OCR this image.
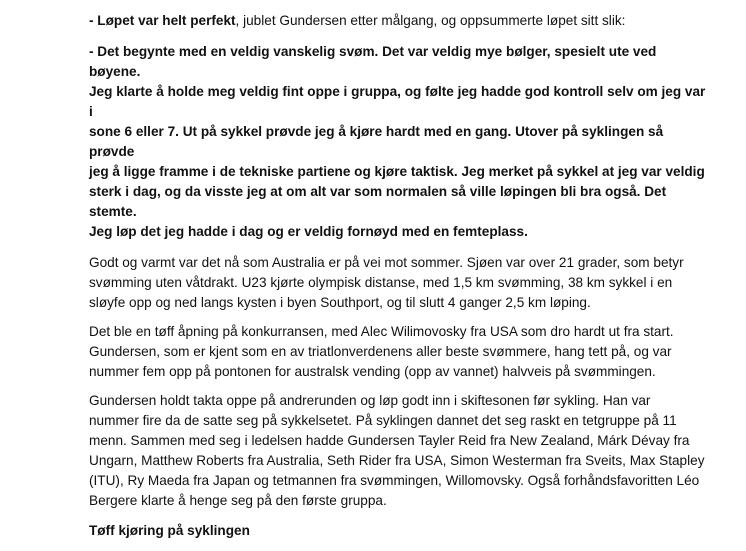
- Løpet var helt perfekt, jublet Gundersen etter målgang, og oppsummerte løpet sitt slik:

- Det begynte med en veldig vanskelig svøm. Det var veldig mye bølger, spesielt ute ved bøyene.
Jeg klarte å holde meg veldig fint oppe i gruppa, og følte jeg hadde god kontroll selv om jeg var i
sone 6 eller 7. Ut på sykkel prøvde jeg å kjøre hardt med en gang. Utover på syklingen så prøvde
jeg å ligge framme i de tekniske partiene og kjøre taktisk. Jeg merket på sykkel at jeg var veldig
sterk i dag, og da visste jeg at om alt var som normalen så ville løpingen bli bra også. Det stemte.
Jeg løp det jeg hadde i dag og er veldig fornøyd med en femteplass.

Godt og varmt var det nå som Australia er på vei mot sommer. Sjøen var over 21 grader, som betyr
svømming uten våtdrakt. U23 kjørte olympisk distanse, med 1,5 km svømming, 38 km sykkel i en
sløyfe opp og ned langs kysten i byen Southport, og til slutt 4 ganger 2,5 km løping.

Det ble en tøff åpning på konkurransen, med Alec Wilimovosky fra USA som dro hardt ut fra start.
Gundersen, som er kjent som en av triatlonverdenens aller beste svømmere, hang tett på, og var
nummer fem opp på pontonen for australsk vending (opp av vannet) halvveis på svømmingen.

Gundersen holdt takta oppe på andrerunden og løp godt inn i skiftesonen før sykling. Han var
nummer fire da de satte seg på sykkelsetet. På syklingen dannet det seg raskt en tetgruppe på 11
menn. Sammen med seg i ledelsen hadde Gundersen Tayler Reid fra New Zealand, Márk Dévay fra
Ungarn, Matthew Roberts fra Australia, Seth Rider fra USA, Simon Westerman fra Sveits, Max Stapley
(ITU), Ry Maeda fra Japan og tetmannen fra svømmingen, Willomovsky. Også forhåndsfavoritten Léo
Bergere klarte å henge seg på den første gruppa.

Tøff kjøring på syklingen
